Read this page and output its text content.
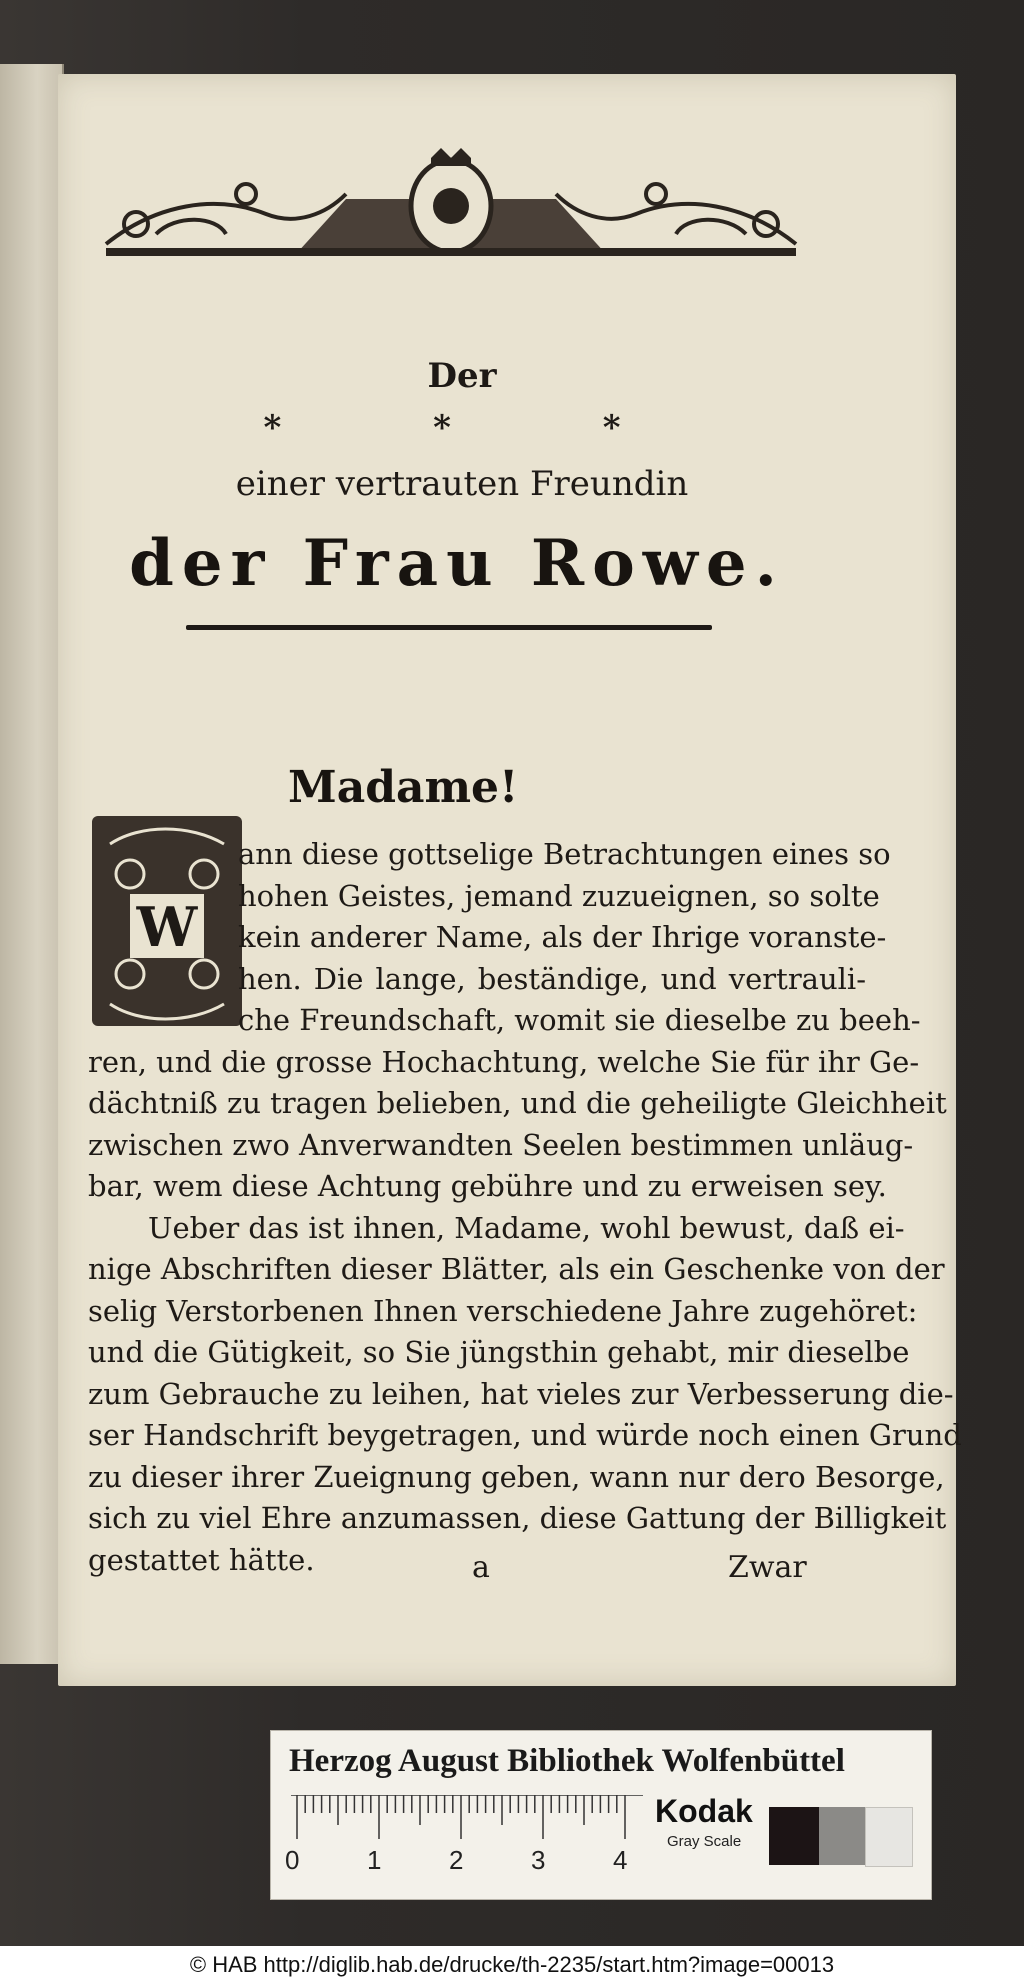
Der
* * *
einer vertrauten Freundin
der Frau Rowe.
Madame!
W
ann diese gottselige Betrachtungen eines so
hohen Geistes, jemand zuzueignen, so solte
kein anderer Name, als der Ihrige voranste-
hen. Die lange, beständige, und vertrauli-
che Freundschaft, womit sie dieselbe zu beeh-
ren, und die grosse Hochachtung, welche Sie für ihr Ge-
dächtniß zu tragen belieben, und die geheiligte Gleichheit
zwischen zwo Anverwandten Seelen bestimmen unläug-
bar, wem diese Achtung gebühre und zu erweisen sey.
Ueber das ist ihnen, Madame, wohl bewust, daß ei-
nige Abschriften dieser Blätter, als ein Geschenke von der
selig Verstorbenen Ihnen verschiedene Jahre zugehöret:
und die Gütigkeit, so Sie jüngsthin gehabt, mir dieselbe
zum Gebrauche zu leihen, hat vieles zur Verbesserung die-
ser Handschrift beygetragen, und würde noch einen Grund
zu dieser ihrer Zueignung geben, wann nur dero Besorge,
sich zu viel Ehre anzumassen, diese Gattung der Billigkeit
gestattet hätte.	a	Zwar
Herzog August Bibliothek Wolfenbüttel
0	1	2	3	4
Kodak
Gray Scale
© HAB http://diglib.hab.de/drucke/th-2235/start.htm?image=00013
